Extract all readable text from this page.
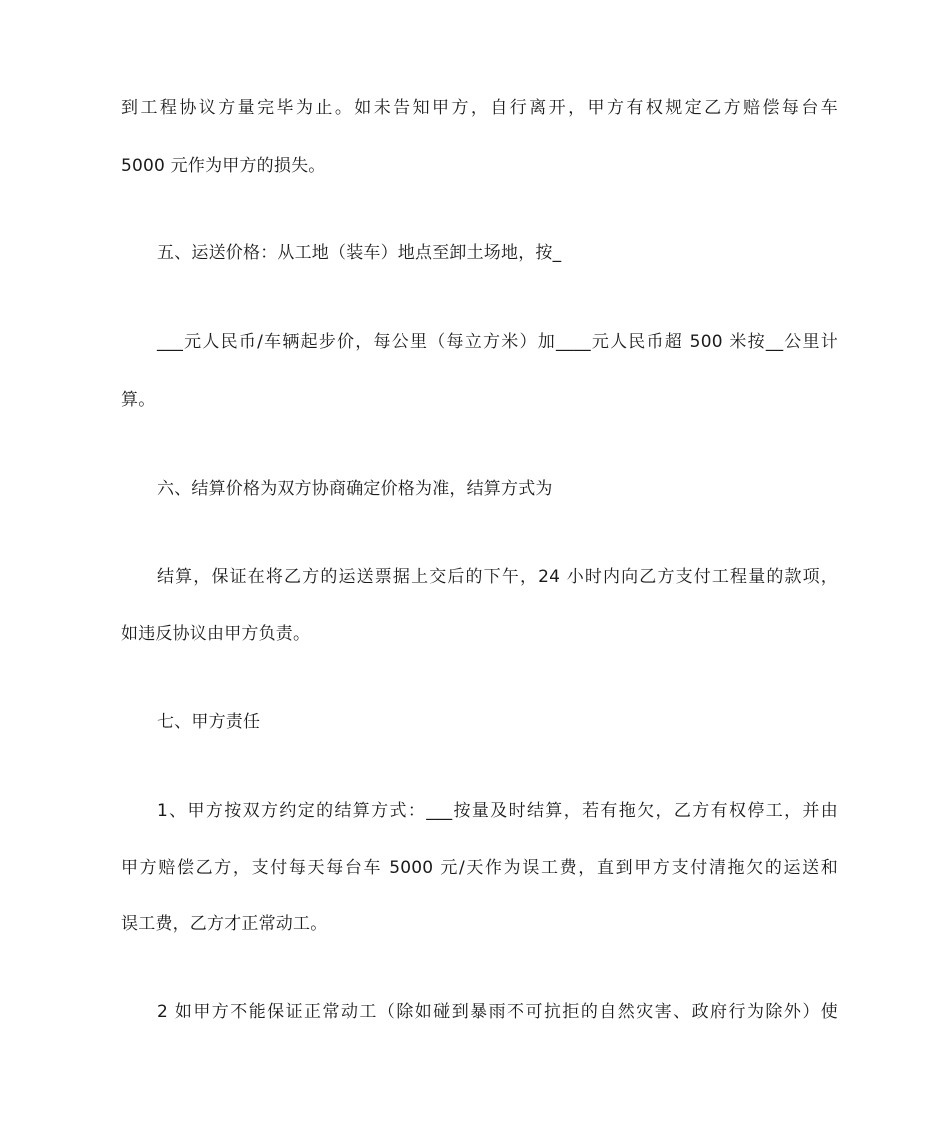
到工程协议方量完毕为止。如未告知甲方，自行离开，甲方有权规定乙方赔偿每台车
5000 元作为甲方的损失。
五、运送价格：从工地（装车）地点至卸土场地，按_
___元人民币/车辆起步价，每公里（每立方米）加____元人民币超 500 米按__公里计
算。
六、结算价格为双方协商确定价格为准，结算方式为
结算，保证在将乙方的运送票据上交后的下午，24 小时内向乙方支付工程量的款项，
如违反协议由甲方负责。
七、甲方责任
1、甲方按双方约定的结算方式：___按量及时结算，若有拖欠，乙方有权停工，并由
甲方赔偿乙方，支付每天每台车 5000 元/天作为误工费，直到甲方支付清拖欠的运送和
误工费，乙方才正常动工。
2 如甲方不能保证正常动工（除如碰到暴雨不可抗拒的自然灾害、政府行为除外）使
